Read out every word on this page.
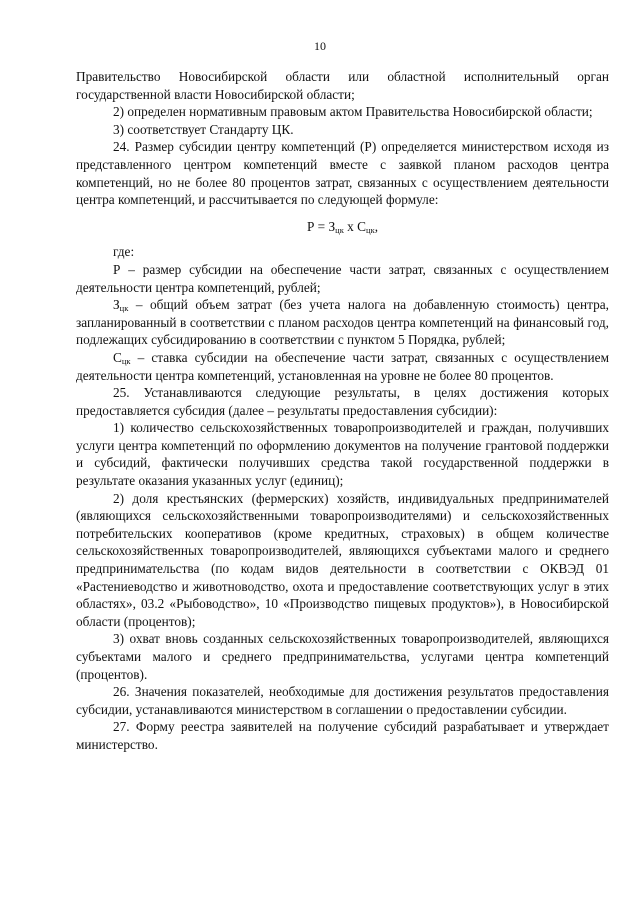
10

Правительство Новосибирской области или областной исполнительный орган государственной власти Новосибирской области;

2) определен нормативным правовым актом Правительства Новосибирской области;

3) соответствует Стандарту ЦК.

24. Размер субсидии центру компетенций (Р) определяется министерством исходя из представленного центром компетенций вместе с заявкой планом расходов центра компетенций, но не более 80 процентов затрат, связанных с осуществлением деятельности центра компетенций, и рассчитывается по следующей формуле:

$Р = З_{цк}$ х $С_{цк}$,

где:

Р – размер субсидии на обеспечение части затрат, связанных с осуществлением деятельности центра компетенций, рублей;

$З_{цк}$ – общий объем затрат (без учета налога на добавленную стоимость) центра, запланированный в соответствии с планом расходов центра компетенций на финансовый год, подлежащих субсидированию в соответствии с пунктом 5 Порядка, рублей;

$С_{цк}$ – ставка субсидии на обеспечение части затрат, связанных с осуществлением деятельности центра компетенций, установленная на уровне не более 80 процентов.

25. Устанавливаются следующие результаты, в целях достижения которых предоставляется субсидия (далее – результаты предоставления субсидии):

1) количество сельскохозяйственных товаропроизводителей и граждан, получивших услуги центра компетенций по оформлению документов на получение грантовой поддержки и субсидий, фактически получивших средства такой государственной поддержки в результате оказания указанных услуг (единиц);

2) доля крестьянских (фермерских) хозяйств, индивидуальных предпринимателей (являющихся сельскохозяйственными товаропроизводителями) и сельскохозяйственных потребительских кооперативов (кроме кредитных, страховых) в общем количестве сельскохозяйственных товаропроизводителей, являющихся субъектами малого и среднего предпринимательства (по кодам видов деятельности в соответствии с ОКВЭД 01 «Растениеводство и животноводство, охота и предоставление соответствующих услуг в этих областях», 03.2 «Рыбоводство», 10 «Производство пищевых продуктов»), в Новосибирской области (процентов);

3) охват вновь созданных сельскохозяйственных товаропроизводителей, являющихся субъектами малого и среднего предпринимательства, услугами центра компетенций (процентов).

26. Значения показателей, необходимые для достижения результатов предоставления субсидии, устанавливаются министерством в соглашении о предоставлении субсидии.

27. Форму реестра заявителей на получение субсидий разрабатывает и утверждает министерство.
